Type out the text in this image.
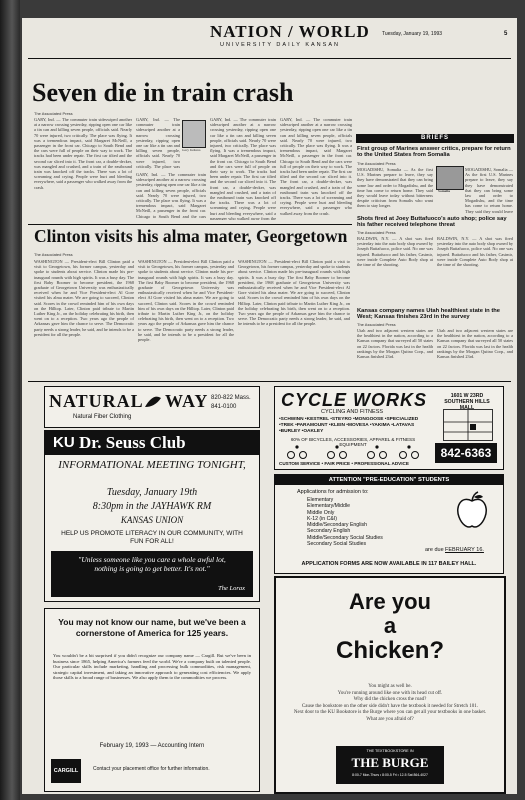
NATION / WORLD
UNIVERSITY DAILY KANSAN
Tuesday, January 19, 1993	5
Seven die in train crash
The Associated Press
GARY, Ind. — The commuter train sideswiped another at a narrow crossing yesterday, ripping open one car like a tin can and killing seven people, officials said. Nearly 70 were injured, two critically. The place was flying. It was a tremendous impact, said Margaret McNeill, a passenger in the front car. Chicago to South Bend and the cars were full of people on their way to work. The tracks had been under repair. The first car tilted and the second car sliced into it. The front car, a double-decker, was mangled and crushed, and a train of the eastbound train was knocked off the tracks. There was a lot of screaming and crying. People were hurt and bleeding everywhere, said a passenger who walked away from the crash.
GARY, Ind. — The commuter train sideswiped another at a narrow crossing yesterday, ripping open one car like a tin can and killing seven people, officials said. Nearly 70 were injured, two critically. The place was
Gary Indiana
GARY, Ind. — The commuter train sideswiped another at a narrow crossing yesterday, ripping open one car like a tin can and killing seven people, officials said. Nearly 70 were injured, two critically. The place was flying. It was a tremendous impact, said Margaret McNeill, a passenger in the front car. Chicago to South Bend and the cars
GARY, Ind. — The commuter train sideswiped another at a narrow crossing yesterday, ripping open one car like a tin can and killing seven people, officials said. Nearly 70 were injured, two critically. The place was flying. It was a tremendous impact, said Margaret McNeill, a passenger in the front car. Chicago to South Bend and the cars were full of people on their way to work. The tracks had been under repair. The first car tilted and the second car sliced into it. The front car, a double-decker, was mangled and crushed, and a train of the eastbound train was knocked off the tracks. There was a lot of screaming and crying. People were hurt and bleeding everywhere, said a passenger who walked away from the
GARY, Ind. — The commuter train sideswiped another at a narrow crossing yesterday, ripping open one car like a tin can and killing seven people, officials said. Nearly 70 were injured, two critically. The place was flying. It was a tremendous impact, said Margaret McNeill, a passenger in the front car. Chicago to South Bend and the cars were full of people on their way to work. The tracks had been under repair. The first car tilted and the second car sliced into it. The front car, a double-decker, was mangled and crushed, and a train of the eastbound train was knocked off the tracks. There was a lot of screaming and crying. People were hurt and bleeding everywhere, said a passenger who walked away from the crash.
Clinton visits his alma mater, Georgetown
The Associated Press
WASHINGTON — President-elect Bill Clinton paid a visit to Georgetown, his former campus, yesterday and spoke to students about service. Clinton made his pre-inaugural rounds with high spirits. It was a busy day. The first Baby Boomer to become president, the 1968 graduate of Georgetown University was enthusiastically received when he and Vice President-elect Al Gore visited his alma mater. We are going to succeed, Clinton said. Scores in the crowd reminded him of his own days on the Hilltop. Later, Clinton paid tribute to Martin Luther King Jr., on the holiday celebrating his birth, then went on to a reception. Two years ago the people of Arkansas gave him the chance to serve. The Democratic party needs a strong leader, he said, and he intends to be a president for all the people.
WASHINGTON — President-elect Bill Clinton paid a visit to Georgetown, his former campus, yesterday and spoke to students about service. Clinton made his pre-inaugural rounds with high spirits. It was a busy day. The first Baby Boomer to become president, the 1968 graduate of Georgetown University was enthusiastically received when he and Vice President-elect Al Gore visited his alma mater. We are going to succeed, Clinton said. Scores in the crowd reminded him of his own days on the Hilltop. Later, Clinton paid tribute to Martin Luther King Jr., on the holiday celebrating his birth, then went on to a reception. Two years ago the people of Arkansas gave him the chance to serve. The Democratic party needs a strong leader, he said, and he intends to be a president for all the people.
WASHINGTON — President-elect Bill Clinton paid a visit to Georgetown, his former campus, yesterday and spoke to students about service. Clinton made his pre-inaugural rounds with high spirits. It was a busy day. The first Baby Boomer to become president, the 1968 graduate of Georgetown University was enthusiastically received when he and Vice President-elect Al Gore visited his alma mater. We are going to succeed, Clinton said. Scores in the crowd reminded him of his own days on the Hilltop. Later, Clinton paid tribute to Martin Luther King Jr., on the holiday celebrating his birth, then went on to a reception. Two years ago the people of Arkansas gave him the chance to serve. The Democratic party needs a strong leader, he said, and he intends to be a president for all the people.
BRIEFS
First group of Marines answer critics, prepare for return to the United States from Somalia
The Associated Press
MOGADISHU, Somalia — As the first U.S. Marines prepare to leave, they say they have demonstrated that they can bring some law and order to Mogadishu, and the time has come to return home. They said they would leave today without bitterness despite criticism from Somalis who want them to stay longer.
Somalia
MOGADISHU, Somalia — As the first U.S. Marines prepare to leave, they say they have demonstrated that they can bring some law and order to Mogadishu, and the time has come to return home. They said they would leave
Shots fired at Joey Buttafuoco's auto shop; police say his father received telephone threat
The Associated Press
BALDWIN, N.Y. — A shot was fired yesterday into the auto body shop owned by Joseph Buttafuoco, police said. No one was injured. Buttafuoco and his father, Casimir, were inside Complete Auto Body shop at the time of the shooting.
BALDWIN, N.Y. — A shot was fired yesterday into the auto body shop owned by Joseph Buttafuoco, police said. No one was injured. Buttafuoco and his father, Casimir, were inside Complete Auto Body shop at the time of the shooting.
Kansas company names Utah healthiest state in the West; Kansas finishes 23rd in the survey
The Associated Press
Utah and two adjacent western states are the healthiest in the nation, according to a Kansas company that surveyed all 50 states on 22 factors. Florida was last in the health rankings by the Morgan Quitno Corp., and Kansas finished 23rd.
Utah and two adjacent western states are the healthiest in the nation, according to a Kansas company that surveyed all 50 states on 22 factors. Florida was last in the health rankings by the Morgan Quitno Corp., and Kansas finished 23rd.
NATURAL WAY
Natural Fiber Clothing
820-822 Mass.
841-0100
KU Dr. Seuss Club
INFORMATIONAL MEETING TONIGHT,
Tuesday, January 19th
8:30pm in the JAYHAWK RM
KANSAS UNION
HELP US PROMOTE LITERACY IN OUR COMMUNITY, WITH FUN FOR ALL!
"Unless someone like you care a whole awful lot, nothing is going to get better. It's not."
The Lorax
You may not know our name, but we've been a cornerstone of America for 125 years.
You wouldn't be a bit surprised if you didn't recognize our company name — Cargill. But we've been in business since 1865, helping America's farmers feed the world. We're a company built on talented people. Our particular skills include marketing, handling and processing bulk commodities, risk management, strategic capital investment, and taking an innovative approach to generating cost efficiencies. We apply those skills to a broad range of businesses. We also apply them to the commodities we process.
February 19, 1993 — Accounting Intern
CARGILL	Contact your placement office for further information.
CYCLE WORKS
CYCLING AND FITNESS
•SCHWINN •KESTREL •STEYRO •MONGOOSE •SPECIALIZED •TREK •PARAMOUNT •KLEIN •MOVESA •YAKIMA •LATAVAS •BURLEY •OAKLEY
60% OF BICYCLES, ACCESSORIES, APPAREL & FITNESS EQUIPMENT
CUSTOM SERVICE • FAIR PRICE • PROFESSIONAL ADVICE
1601 W 23RD SOUTHERN HILLS MALL
842-6363
ATTENTION "PRE-EDUCATION" STUDENTS
Applications for admission to:
Elementary
Elementary/Middle
Middle Only
K-12 (in C&I)
Middle/Secondary English
Secondary English
Middle/Secondary Social Studies
Secondary Social Studies
are due FEBRUARY 16.
APPLICATION FORMS ARE NOW AVAILABLE IN 117 BAILEY HALL.
Are you
a
Chicken?
You might as well be.
You're running around like one with its head cut off.
Why did the chicken cross the road?
Cause the bookstore on the other side didn't have the textbook it needed for Stretch 101.
Next door to the KU Bookstore is the Burge where you can get all your textbooks in one basket.
What are you afraid of?
THE TEXTBOOKSTORE IN
THE BURGE
8:00-7 Mon-Thurs • 8:00-5 Fri • 12-5 Sat 864-4027
